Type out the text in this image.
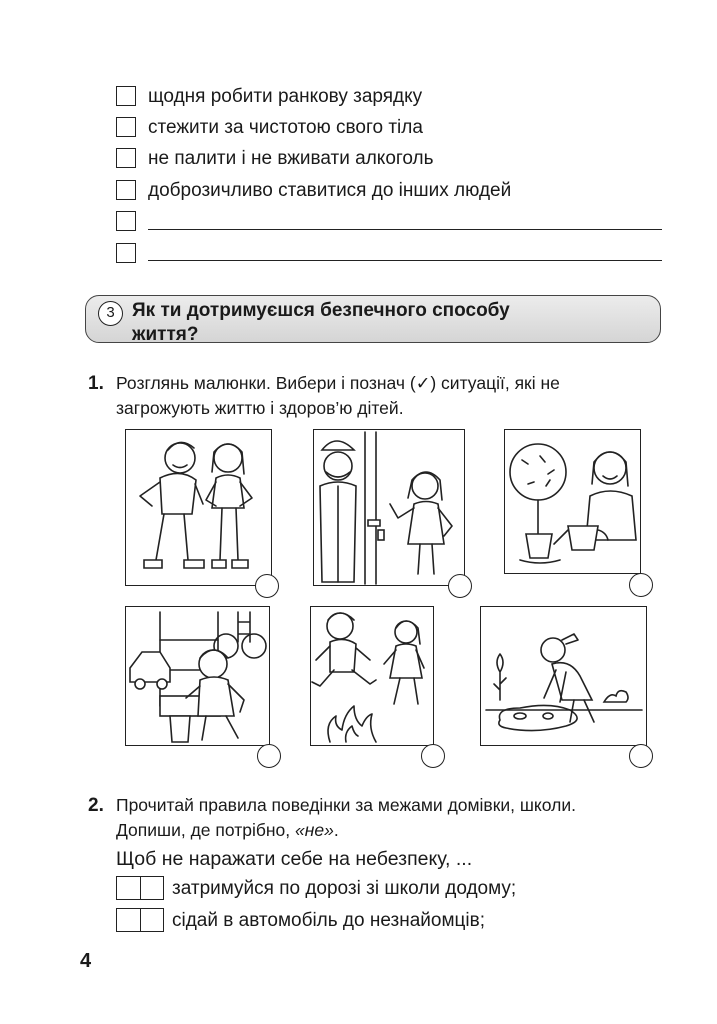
щодня робити ранкову зарядку
стежити за чистотою свого тіла
не палити і не вживати алкоголь
доброзичливо ставитися до інших людей
3 Як ти дотримуєшся безпечного способу
життя?
1. Розглянь малюнки. Вибери і познач (✓) ситуації, які не
загрожують життю і здоров’ю дітей.
2. Прочитай правила поведінки за межами домівки, школи.
Допиши, де потрібно, «не».
Щоб не наражати себе на небезпеку, ...
затримуйся по дорозі зі школи додому;
сідай в автомобіль до незнайомців;
4
